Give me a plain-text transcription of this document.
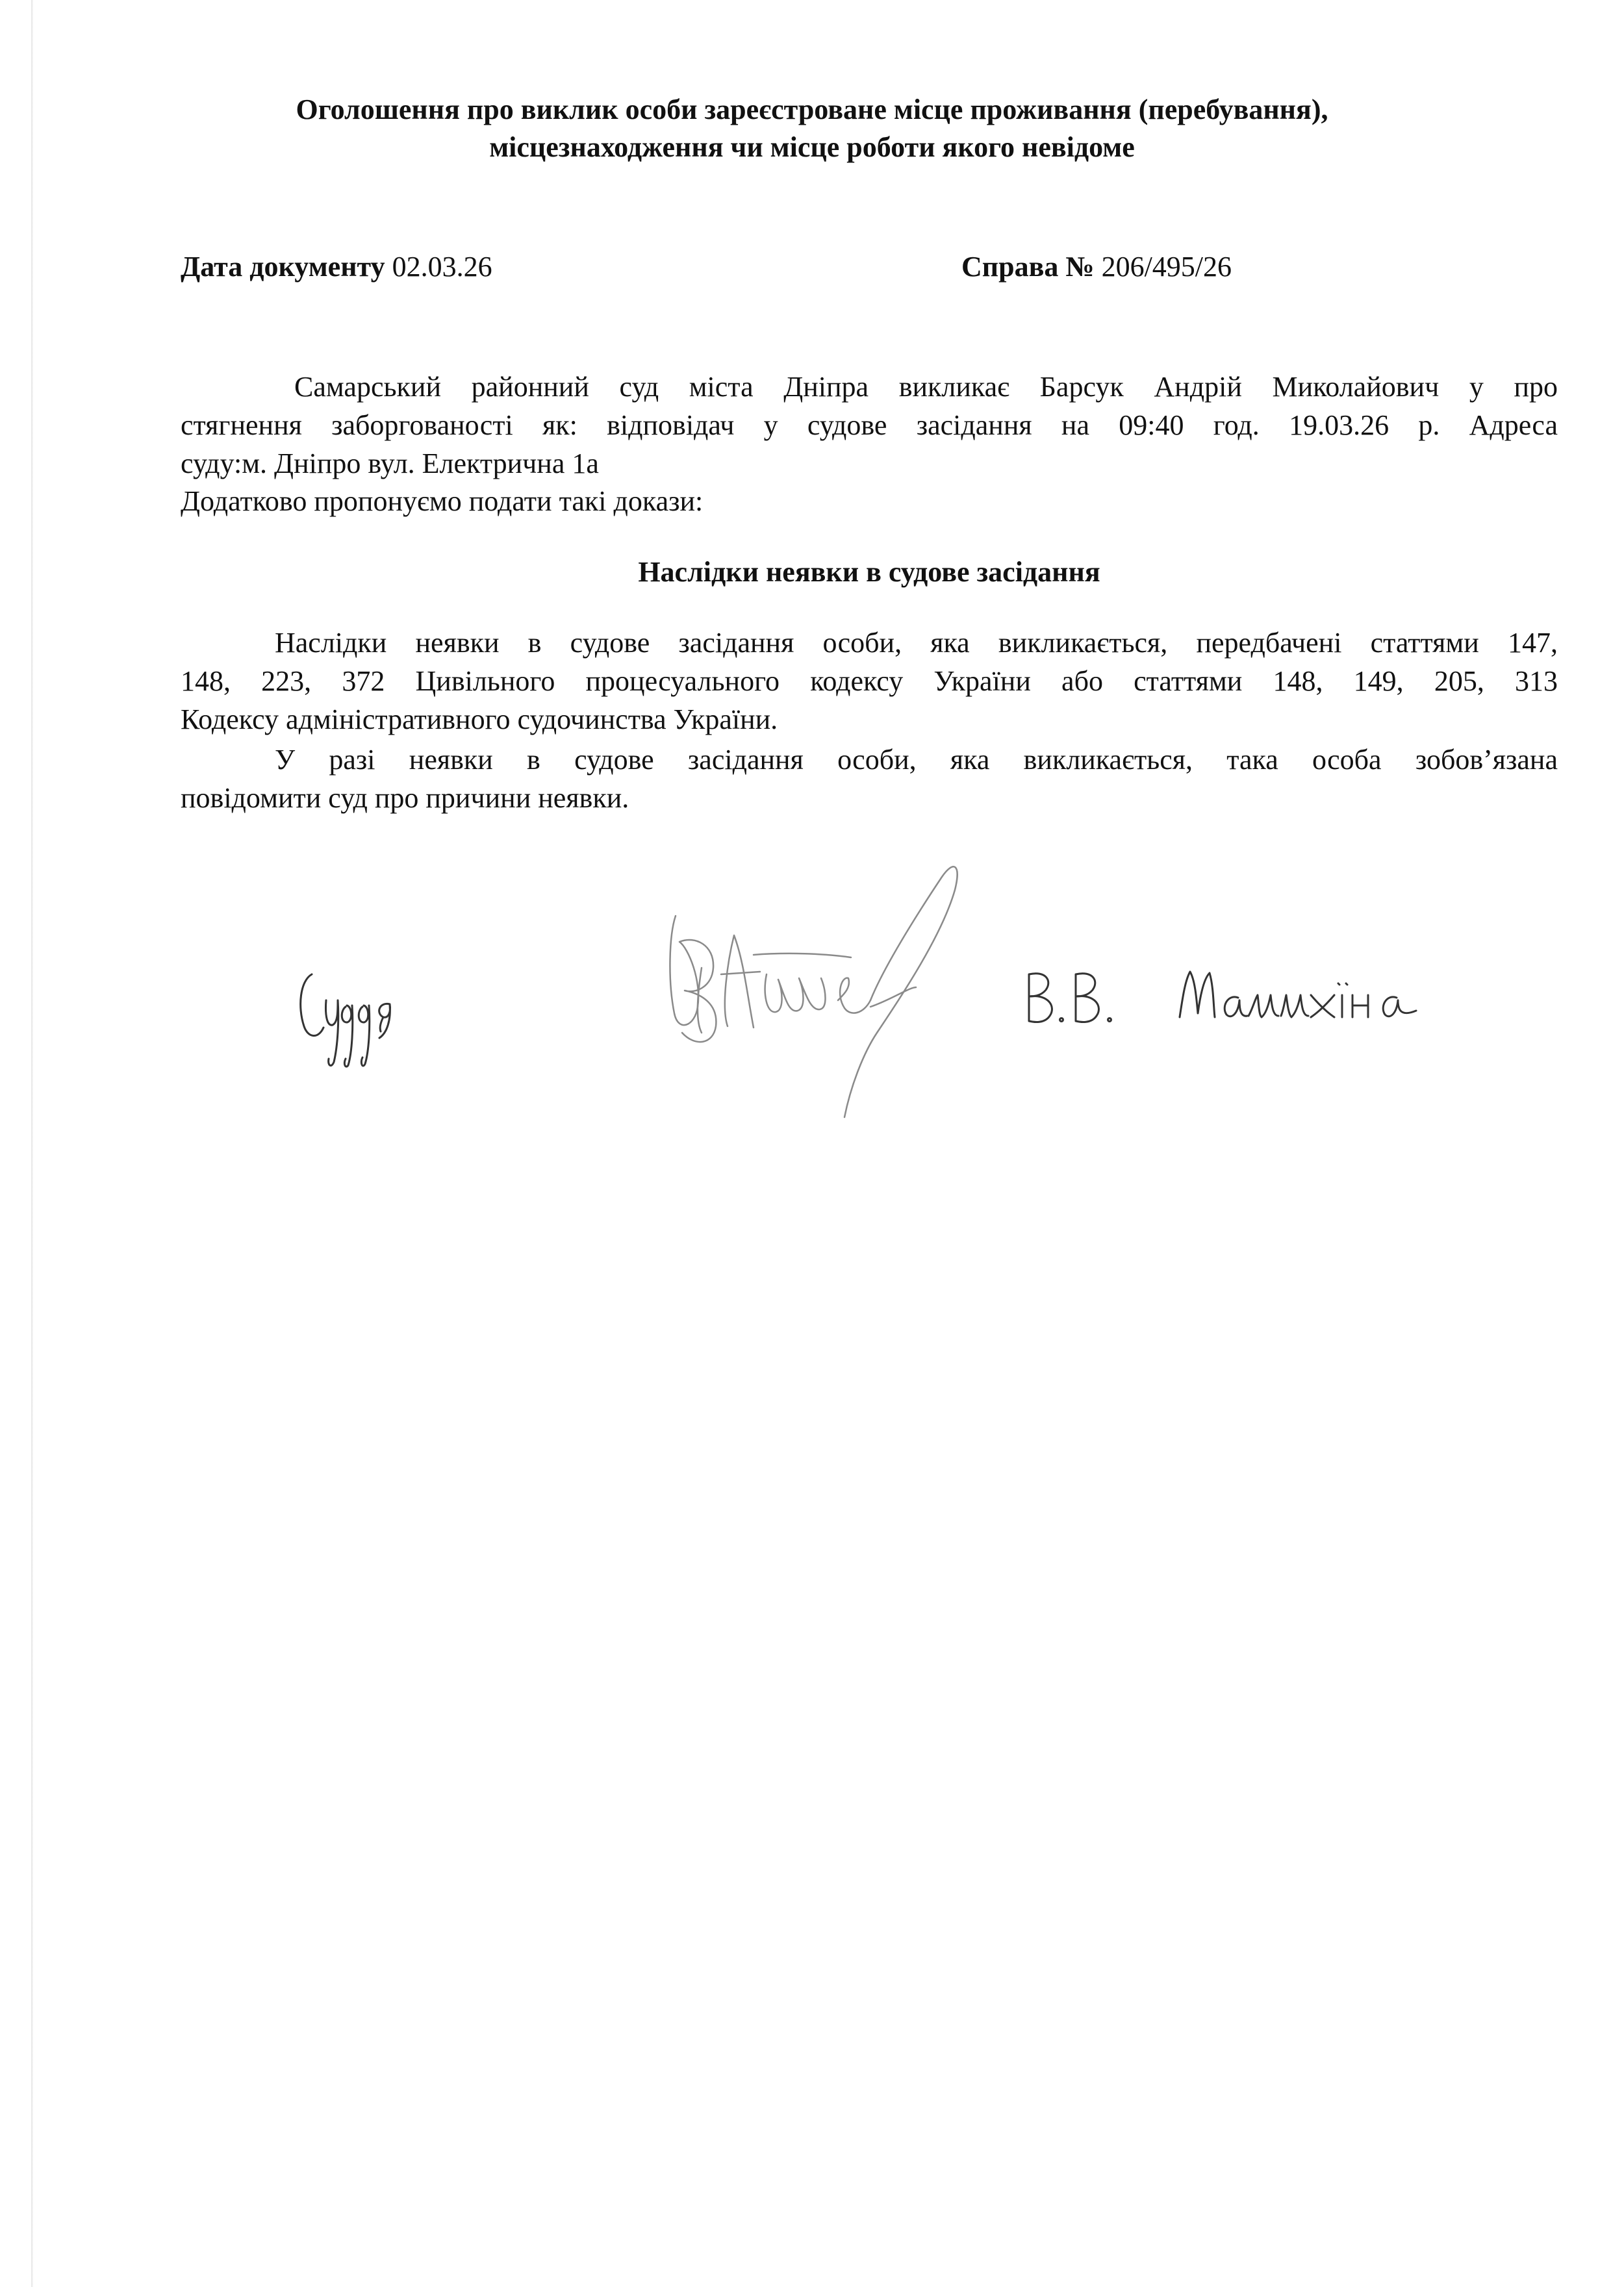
Оголошення про виклик особи зареєстроване місце проживання (перебування),
місцезнаходження чи місце роботи якого невідоме
Дата документу 02.03.26	Справа № 206/495/26
Самарський районний суд міста Дніпра викликає Барсук Андрій Миколайович у про
стягнення заборгованості як: відповідач у судове засідання на 09:40 год. 19.03.26 р. Адреса
суду:м. Дніпро вул. Електрична 1а
Додатково пропонуємо подати такі докази:
Наслідки неявки в судове засідання
Наслідки неявки в судове засідання особи, яка викликається, передбачені статтями 147,
148, 223, 372 Цивільного процесуального кодексу України або статтями 148, 149, 205, 313
Кодексу адміністративного судочинства України.
У разі неявки в судове засідання особи, яка викликається, така особа зобов’язана
повідомити суд про причини неявки.
